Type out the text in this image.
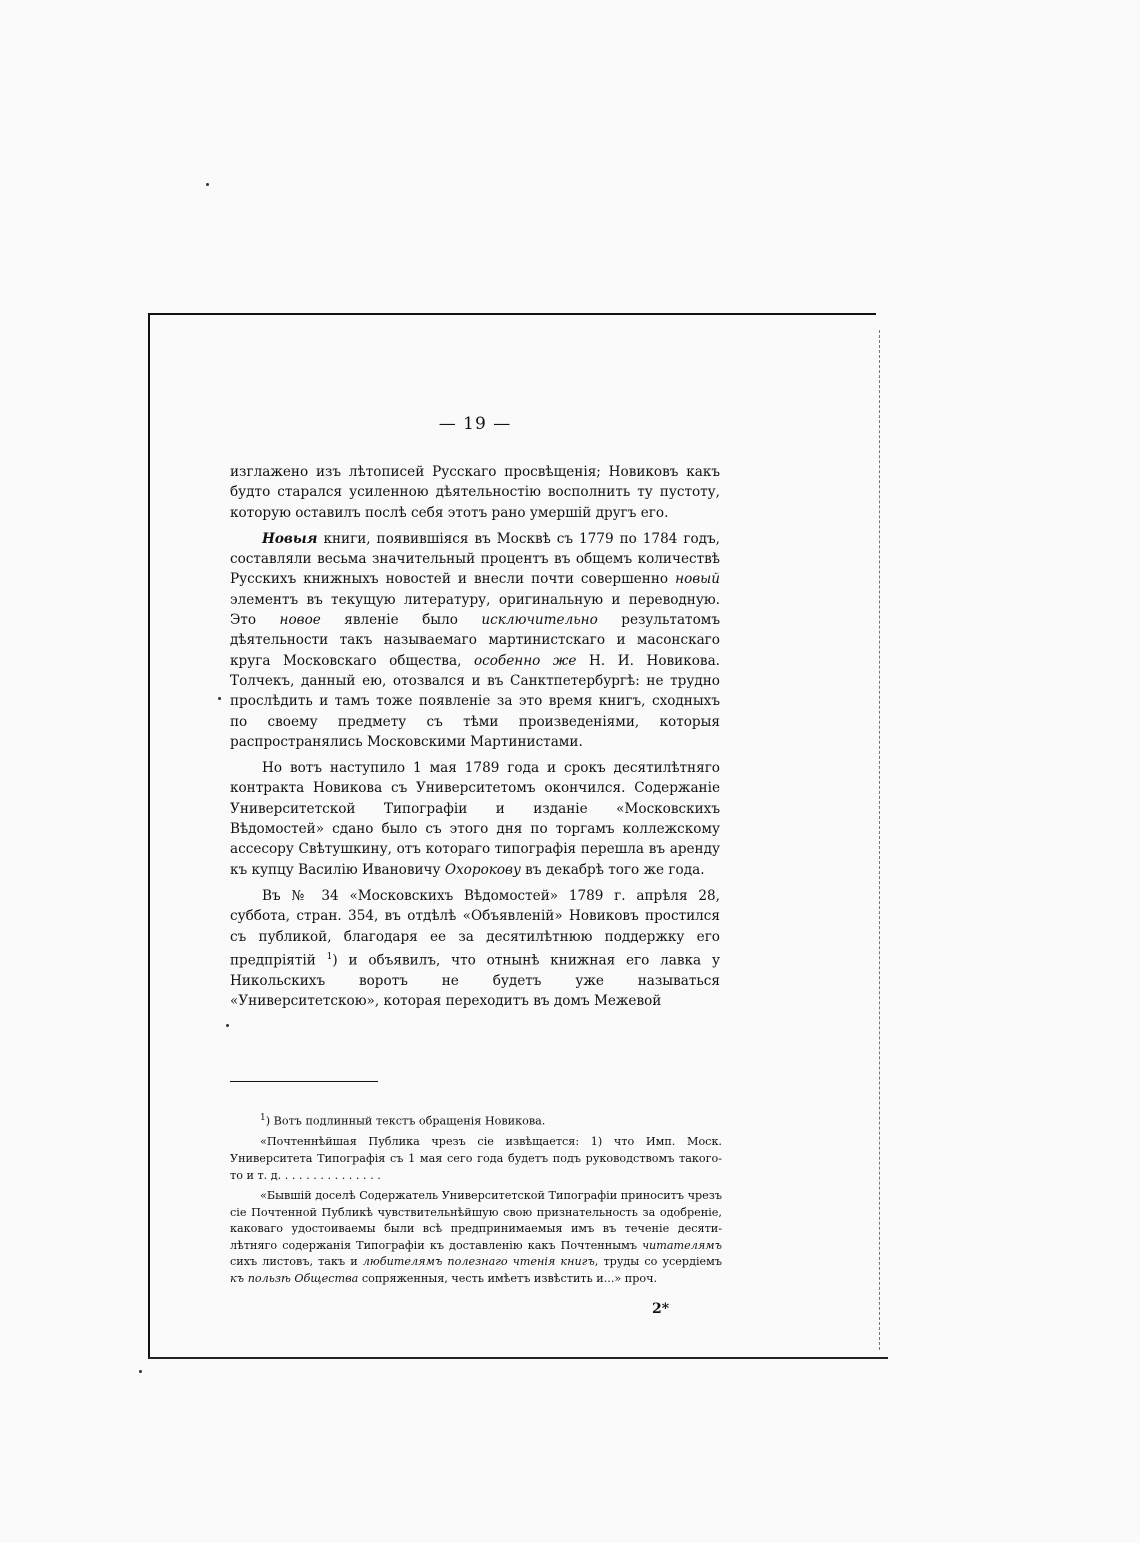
— 19 —

изглажено изъ лѣтописей Русскаго просвѣщенія; Новиковъ какъ будто старался усиленною дѣятельностію восполнить ту пустоту, которую оставилъ послѣ себя этотъ рано умершій другъ его.

Новыя книги, появившіяся въ Москвѣ съ 1779 по 1784 годъ, составляли весьма значительный процентъ въ общемъ количествѣ Русскихъ книжныхъ новостей и внесли почти совершенно новый элементъ въ текущую литературу, оригинальную и переводную. Это новое явленіе было исключительно результатомъ дѣятельности такъ называемаго мартинистскаго и масонскаго круга Московскаго общества, особенно же Н. И. Новикова. Толчекъ, данный ею, отозвался и въ Санктпетербургѣ: не трудно прослѣдить и тамъ тоже появленіе за это время книгъ, сходныхъ по своему предмету съ тѣми произведеніями, которыя распространялись Московскими Мартинистами.

Но вотъ наступило 1 мая 1789 года и срокъ десятилѣтняго контракта Новикова съ Университетомъ окончился. Содержаніе Университетской Типографіи и изданіе «Московскихъ Вѣдомостей» сдано было съ этого дня по торгамъ коллежскому ассесору Свѣтушкину, отъ котораго типографія перешла въ аренду къ купцу Василію Ивановичу Охорокову въ декабрѣ того же года.

Въ № 34 «Московскихъ Вѣдомостей» 1789 г. апрѣля 28, суббота, стран. 354, въ отдѣлѣ «Объявленій» Новиковъ простился съ публикой, благодаря ее за десятилѣтнюю поддержку его предпріятій $^1$) и объявилъ, что отнынѣ книжная его лавка у Никольскихъ воротъ не будетъ уже называться «Университетскою», которая переходитъ въ домъ Межевой

$^1$) Вотъ подлинный текстъ обращенія Новикова.

«Почтеннѣйшая Публика чрезъ сіе извѣщается: 1) что Имп. Моск. Университета Типографія съ 1 мая сего года будетъ подъ руководствомъ такого-то и т. д. . . . . . . . . . . . . . .

«Бывшій доселѣ Содержатель Университетской Типографіи приноситъ чрезъ сіе Почтенной Публикѣ чувствительнѣйшую свою признательность за одобреніе, каковаго удостоиваемы были всѣ предпринимаемыя имъ въ теченіе десяти-лѣтняго содержанія Типографіи къ доставленію какъ Почтеннымъ читателямъ сихъ листовъ, такъ и любителямъ полезнаго чтенія книгъ, труды со усердіемъ къ пользѣ Общества сопряженныя, честь имѣетъ извѣстить и...» проч.

2*
